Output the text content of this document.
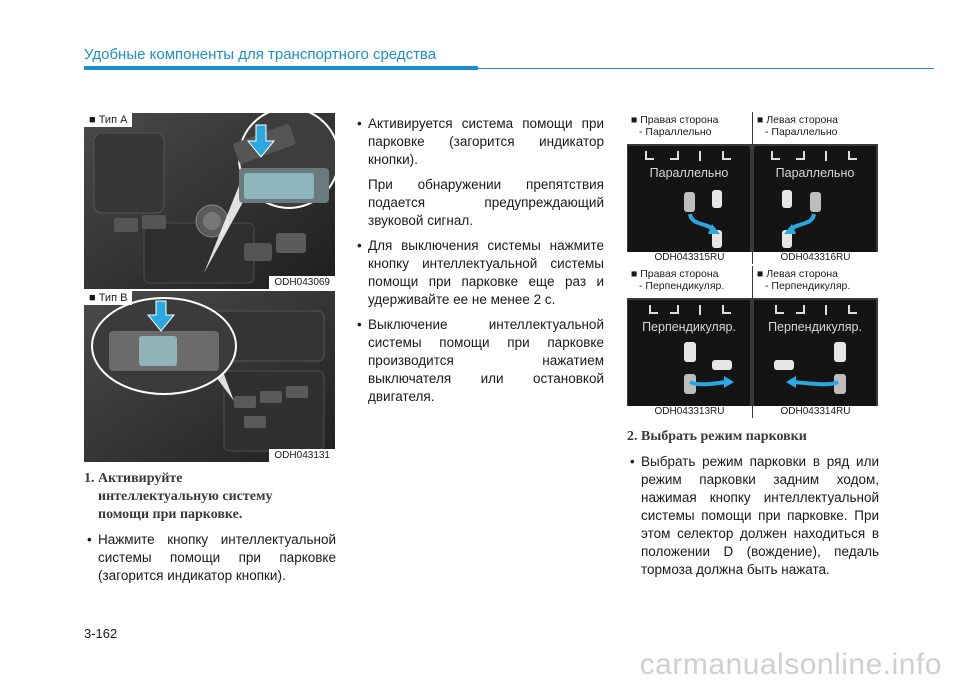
Удобные компоненты для транспортного средства
■ Тип A
ODH043069
■ Тип B
ODH043131
■ Правая сторона
- Параллельно
■ Левая сторона
- Параллельно
Параллельно	Параллельно
ODH043315RU	ODH043316RU
■ Правая сторона
- Перпендикуляр.
■ Левая сторона
- Перпендикуляр.
Перпендикуляр.	Перпендикуляр.
ODH043313RU	ODH043314RU
1. Активируйте
интеллектуальную систему
помощи при парковке.
• Нажмите кнопку интеллектуальной системы помощи при парковке (загорится индикатор кнопки).
• Активируется система помощи при парковке (загорится индикатор кнопки).
При обнаружении препятствия подается предупреждающий звуковой сигнал.
• Для выключения системы нажмите кнопку интеллектуальной системы помощи при парковке еще раз и удерживайте ее не менее 2 с.
• Выключение интеллектуальной системы помощи при парковке производится нажатием выключателя или остановкой двигателя.
2. Выбрать режим парковки
• Выбрать режим парковки в ряд или режим парковки задним ходом, нажимая кнопку интеллектуальной системы помощи при парковке. При этом селектор должен находиться в положении D (вождение), педаль тормоза должна быть нажата.
3-162
carmanualsonline.info
